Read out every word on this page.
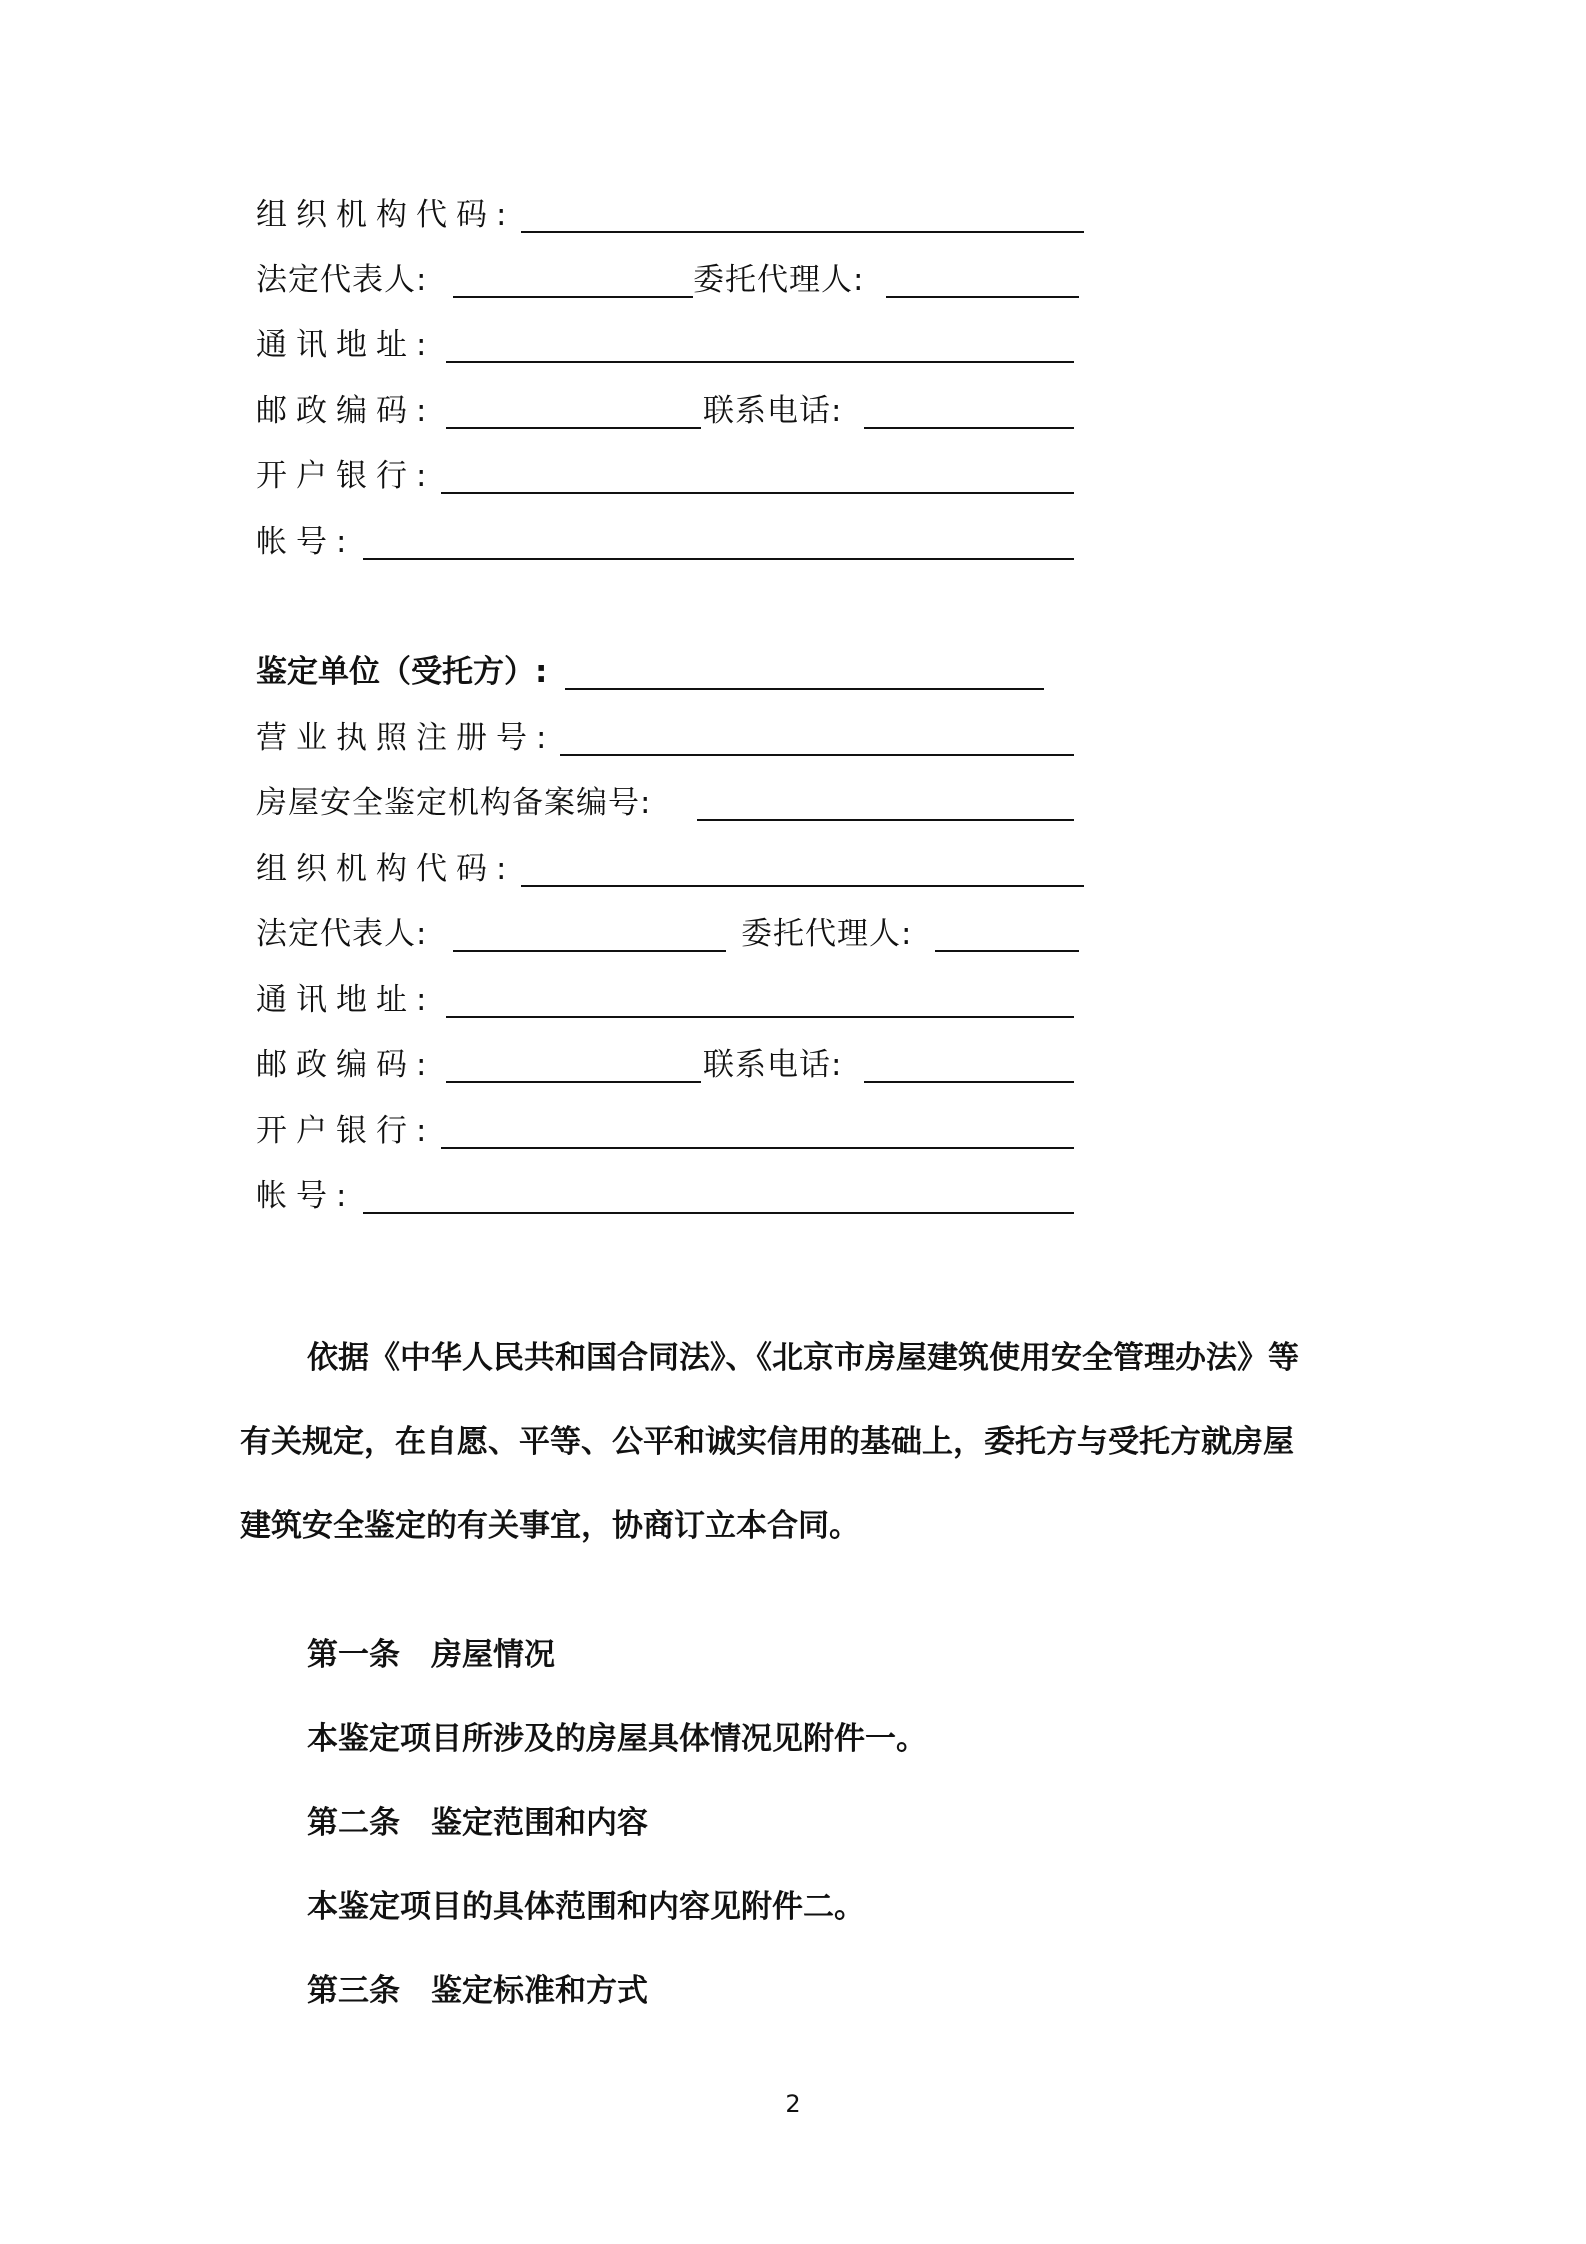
组织机构代码:
法定代表人:	委托代理人:
通讯地址:
邮政编码:	联系电话:
开户银行:
帐号:
鉴定单位（受托方）:
营业执照注册号:
房屋安全鉴定机构备案编号:
组织机构代码:
法定代表人:	委托代理人:
通讯地址:
邮政编码:	联系电话:
开户银行:
帐号:
依据《中华人民共和国合同法》、《北京市房屋建筑使用安全管理办法》等
有关规定，在自愿、平等、公平和诚实信用的基础上，委托方与受托方就房屋
建筑安全鉴定的有关事宜，协商订立本合同。
第一条　房屋情况
本鉴定项目所涉及的房屋具体情况见附件一。
第二条　鉴定范围和内容
本鉴定项目的具体范围和内容见附件二。
第三条　鉴定标准和方式
2
